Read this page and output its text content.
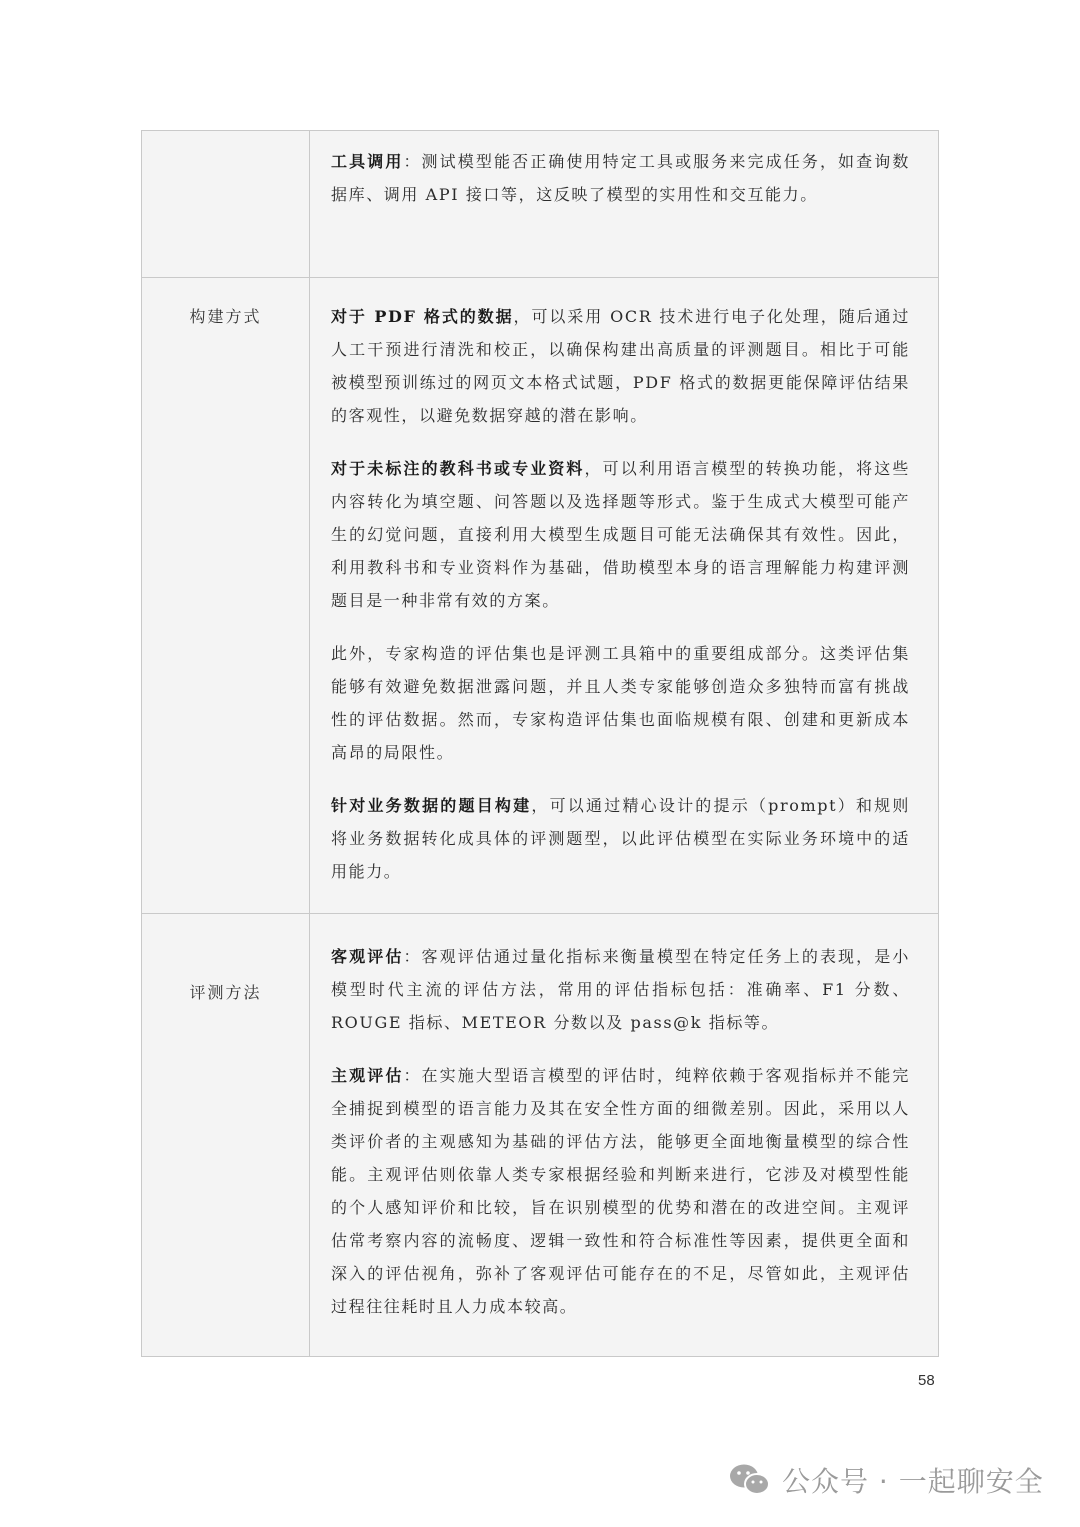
	工具调用：测试模型能否正确使用特定工具或服务来完成任务，如查询数据库、调用 API 接口等，这反映了模型的实用性和交互能力。

构建方式	对于 PDF 格式的数据，可以采用 OCR 技术进行电子化处理，随后通过人工干预进行清洗和校正，以确保构建出高质量的评测题目。相比于可能被模型预训练过的网页文本格式试题，PDF 格式的数据更能保障评估结果的客观性，以避免数据穿越的潜在影响。

对于未标注的教科书或专业资料，可以利用语言模型的转换功能，将这些内容转化为填空题、问答题以及选择题等形式。鉴于生成式大模型可能产生的幻觉问题，直接利用大模型生成题目可能无法确保其有效性。因此，利用教科书和专业资料作为基础，借助模型本身的语言理解能力构建评测题目是一种非常有效的方案。

此外，专家构造的评估集也是评测工具箱中的重要组成部分。这类评估集能够有效避免数据泄露问题，并且人类专家能够创造众多独特而富有挑战性的评估数据。然而，专家构造评估集也面临规模有限、创建和更新成本高昂的局限性。

针对业务数据的题目构建，可以通过精心设计的提示（prompt）和规则将业务数据转化成具体的评测题型，以此评估模型在实际业务环境中的适用能力。

评测方法	客观评估：客观评估通过量化指标来衡量模型在特定任务上的表现，是小模型时代主流的评估方法，常用的评估指标包括：准确率、F1 分数、ROUGE 指标、METEOR 分数以及 pass@k 指标等。

主观评估：在实施大型语言模型的评估时，纯粹依赖于客观指标并不能完全捕捉到模型的语言能力及其在安全性方面的细微差别。因此，采用以人类评价者的主观感知为基础的评估方法，能够更全面地衡量模型的综合性能。主观评估则依靠人类专家根据经验和判断来进行，它涉及对模型性能的个人感知评价和比较，旨在识别模型的优势和潜在的改进空间。主观评估常考察内容的流畅度、逻辑一致性和符合标准性等因素，提供更全面和深入的评估视角，弥补了客观评估可能存在的不足，尽管如此，主观评估过程往往耗时且人力成本较高。

58
公众号 · 一起聊安全
